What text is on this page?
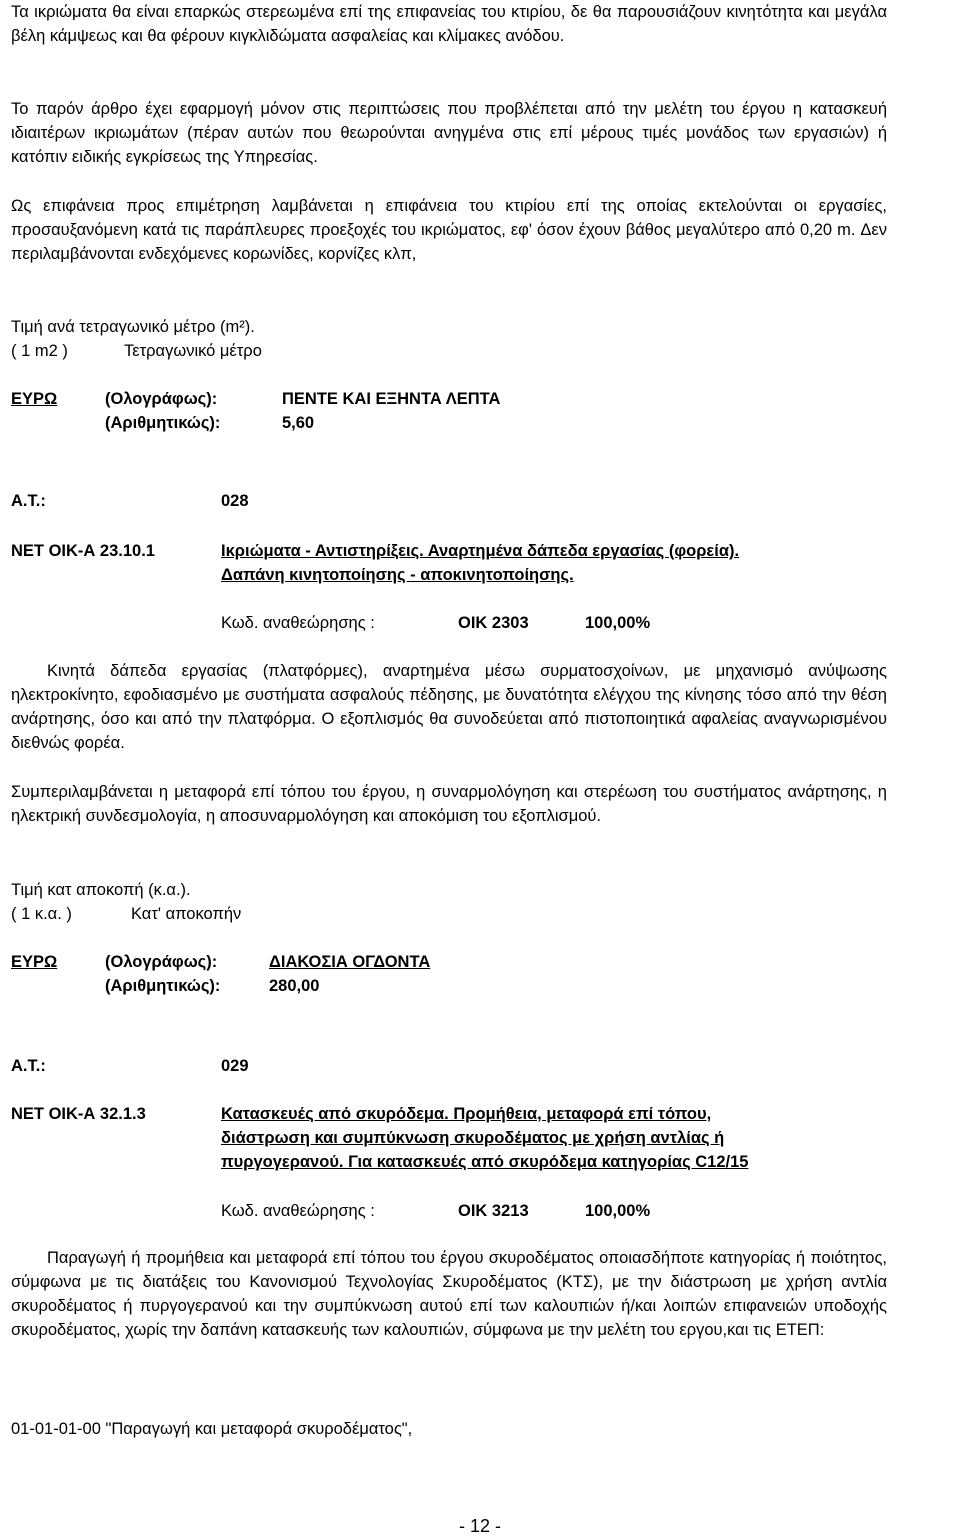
Τα ικριώματα θα είναι επαρκώς στερεωμένα επί της επιφανείας του κτιρίου, δε θα παρουσιάζουν κινητότητα και μεγάλα βέλη κάμψεως και θα φέρουν κιγκλιδώματα ασφαλείας και κλίμακες ανόδου.

Το παρόν άρθρο έχει εφαρμογή μόνον στις περιπτώσεις που προβλέπεται από την μελέτη του έργου η κατασκευή ιδιαιτέρων ικριωμάτων (πέραν αυτών που θεωρούνται ανηγμένα στις επί μέρους τιμές μονάδος των εργασιών) ή κατόπιν ειδικής εγκρίσεως της Υπηρεσίας.

Ως επιφάνεια προς επιμέτρηση λαμβάνεται η επιφάνεια του κτιρίου επί της οποίας εκτελούνται οι εργασίες, προσαυξανόμενη κατά τις παράπλευρες προεξοχές του ικριώματος, εφ' όσον έχουν βάθος μεγαλύτερο από 0,20 m. Δεν περιλαμβάνονται ενδεχόμενες κορωνίδες, κορνίζες κλπ,

Τιμή ανά τετραγωνικό μέτρο (m²).

( 1 m2 )	Τετραγωνικό μέτρο
ΕΥΡΩ	(Ολογράφως):	ΠΕΝΤΕ ΚΑΙ ΕΞΗΝΤΑ ΛΕΠΤΑ
(Αριθμητικώς):	5,60
Α.Τ.:	028
ΝΕΤ ΟΙΚ-Α 23.10.1	Ικριώματα - Αντιστηρίξεις. Αναρτημένα δάπεδα εργασίας (φορεία).
Δαπάνη κινητοποίησης - αποκινητοποίησης.
Κωδ. αναθεώρησης :	ΟΙΚ 2303	100,00%

Κινητά δάπεδα εργασίας (πλατφόρμες), αναρτημένα μέσω συρματοσχοίνων, με μηχανισμό ανύψωσης ηλεκτροκίνητο, εφοδιασμένο με συστήματα ασφαλούς πέδησης, με δυνατότητα ελέγχου της κίνησης τόσο από την θέση ανάρτησης, όσο και από την πλατφόρμα. Ο εξοπλισμός θα συνοδεύεται από πιστοποιητικά αφαλείας αναγνωρισμένου διεθνώς φορέα.

Συμπεριλαμβάνεται η μεταφορά επί τόπου του έργου, η συναρμολόγηση και στερέωση του συστήματος ανάρτησης, η ηλεκτρική συνδεσμολογία, η αποσυναρμολόγηση και αποκόμιση του εξοπλισμού.

Τιμή κατ αποκοπή (κ.α.).

( 1 κ.α. )	Κατ' αποκοπήν
ΕΥΡΩ	(Ολογράφως):	ΔΙΑΚΟΣΙΑ ΟΓΔΟΝΤΑ
(Αριθμητικώς):	280,00
Α.Τ.:	029
ΝΕΤ ΟΙΚ-Α 32.1.3	Κατασκευές από σκυρόδεμα. Προμήθεια, μεταφορά επί τόπου,
διάστρωση και συμπύκνωση σκυροδέματος με χρήση αντλίας ή
πυργογερανού. Για κατασκευές από σκυρόδεμα κατηγορίας C12/15
Κωδ. αναθεώρησης :	ΟΙΚ 3213	100,00%

Παραγωγή ή προμήθεια και μεταφορά επί τόπου του έργου σκυροδέματος οποιασδήποτε κατηγορίας ή ποιότητος, σύμφωνα με τις διατάξεις του Κανονισμού Τεχνολογίας Σκυροδέματος (ΚΤΣ), με την διάστρωση με χρήση αντλία σκυροδέματος ή πυργογερανού και την συμπύκνωση αυτού επί των καλουπιών ή/και λοιπών επιφανειών υποδοχής σκυροδέματος, χωρίς την δαπάνη κατασκευής των καλουπιών, σύμφωνα με την μελέτη του εργου,και τις ΕΤΕΠ:

01-01-01-00 "Παραγωγή και μεταφορά σκυροδέματος",

- 12 -
